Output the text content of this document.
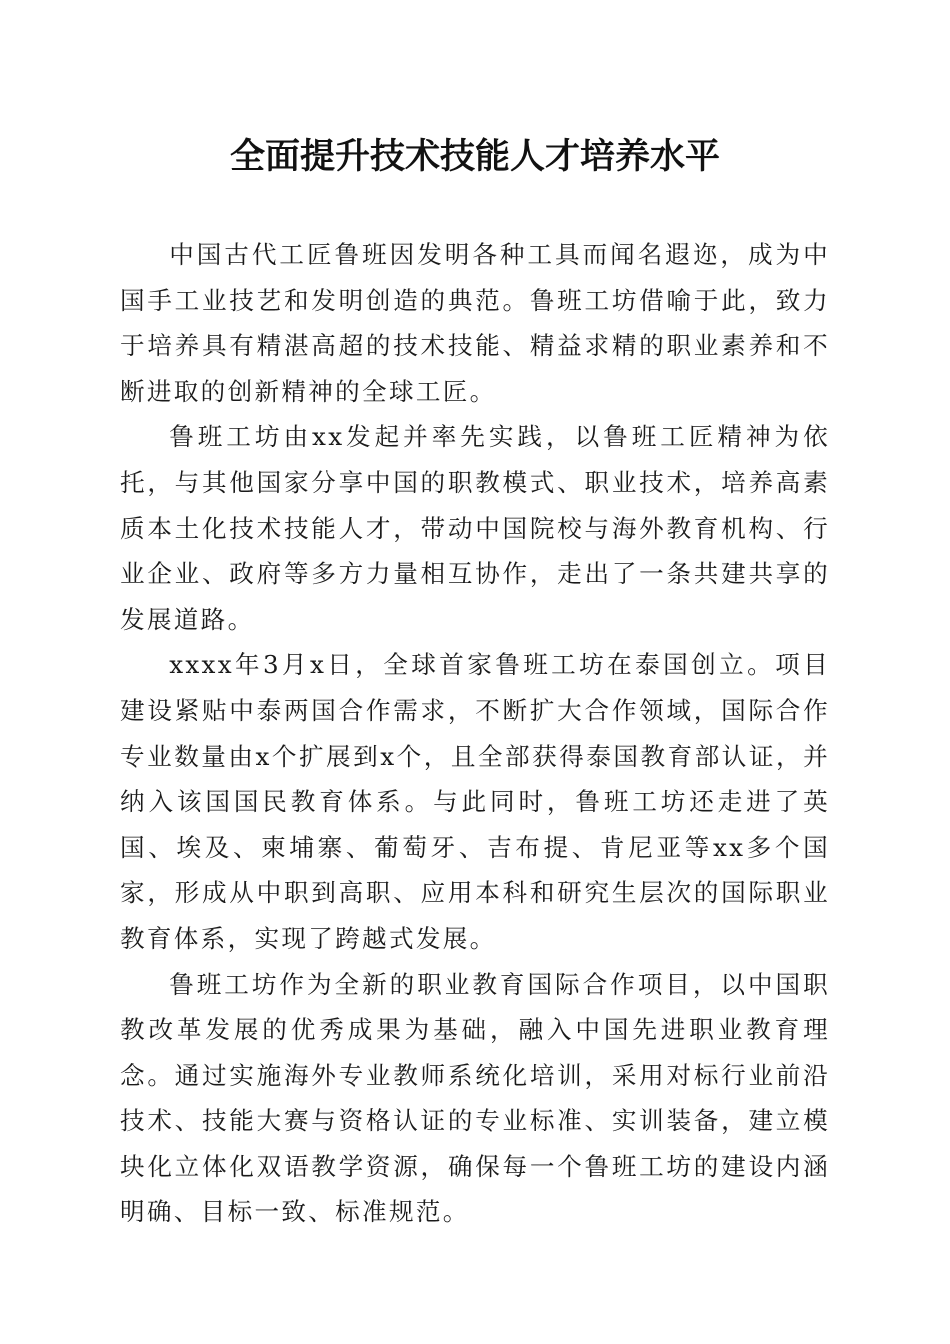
全面提升技术技能人才培养水平

中国古代工匠鲁班因发明各种工具而闻名遐迩，成为中国手工业技艺和发明创造的典范。鲁班工坊借喻于此，致力于培养具有精湛高超的技术技能、精益求精的职业素养和不断进取的创新精神的全球工匠。

鲁班工坊由xx发起并率先实践，以鲁班工匠精神为依托，与其他国家分享中国的职教模式、职业技术，培养高素质本土化技术技能人才，带动中国院校与海外教育机构、行业企业、政府等多方力量相互协作，走出了一条共建共享的发展道路。

xxxx年3月x日，全球首家鲁班工坊在泰国创立。项目建设紧贴中泰两国合作需求，不断扩大合作领域，国际合作专业数量由x个扩展到x个，且全部获得泰国教育部认证，并纳入该国国民教育体系。与此同时，鲁班工坊还走进了英国、埃及、柬埔寨、葡萄牙、吉布提、肯尼亚等xx多个国家，形成从中职到高职、应用本科和研究生层次的国际职业教育体系，实现了跨越式发展。

鲁班工坊作为全新的职业教育国际合作项目，以中国职教改革发展的优秀成果为基础，融入中国先进职业教育理念。通过实施海外专业教师系统化培训，采用对标行业前沿技术、技能大赛与资格认证的专业标准、实训装备，建立模块化立体化双语教学资源，确保每一个鲁班工坊的建设内涵明确、目标一致、标准规范。
